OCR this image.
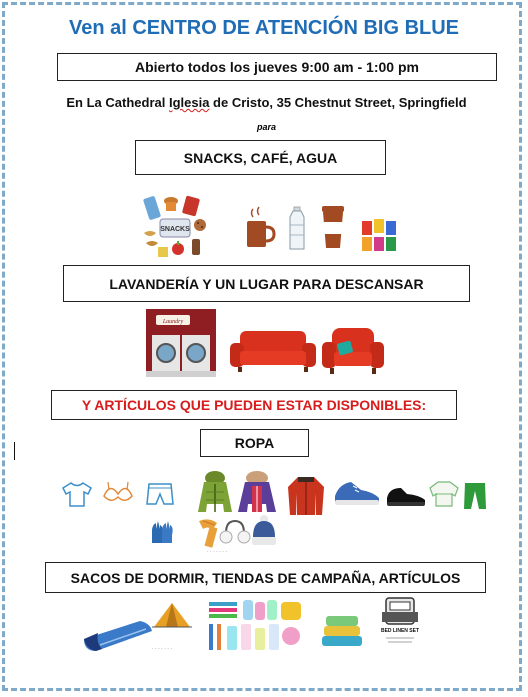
Ven al CENTRO DE ATENCIÓN BIG BLUE
Abierto todos los jueves 9:00 am - 1:00 pm
En La Cathedral Iglesia de Cristo, 35 Chestnut Street, Springfield
para
SNACKS, CAFÉ, AGUA
SNACKS
LAVANDERÍA Y UN LUGAR PARA DESCANSAR
Laundry
Y ARTÍCULOS QUE PUEDEN ESTAR DISPONIBLES:
ROPA
· · · · · · ·
SACOS DE DORMIR, TIENDAS DE CAMPAÑA, ARTÍCULOS
· · · · · · ·
BED LINEN SET
